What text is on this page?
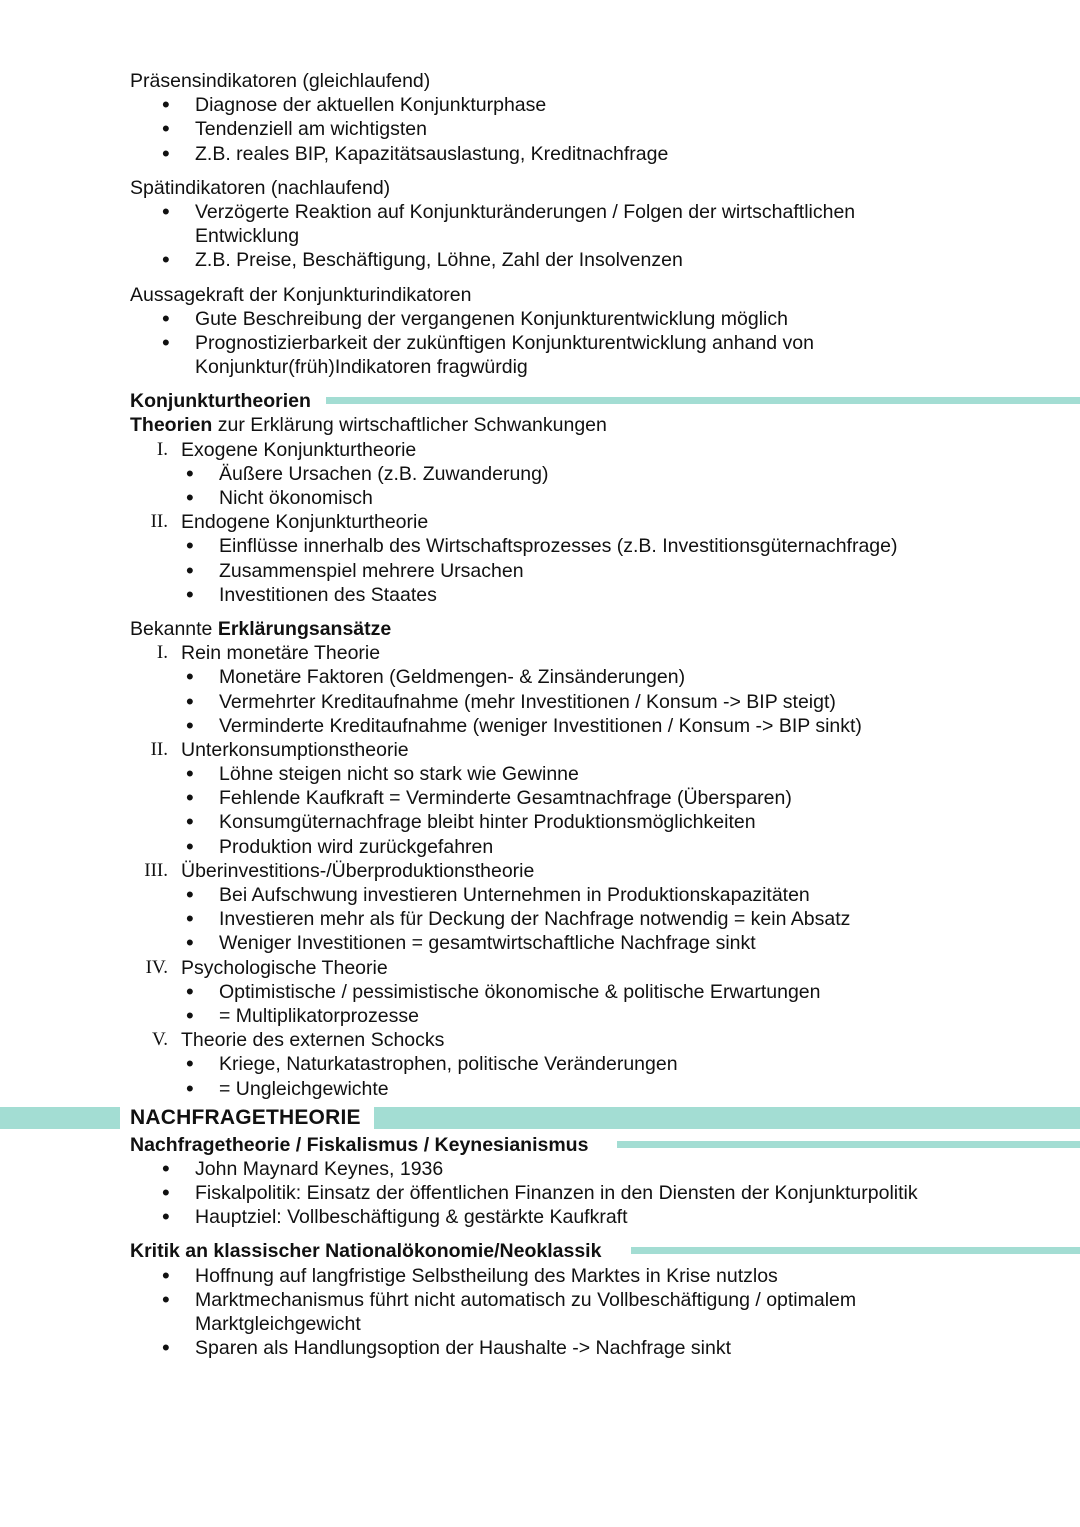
Präsensindikatoren (gleichlaufend)
• Diagnose der aktuellen Konjunkturphase
• Tendenziell am wichtigsten
• Z.B. reales BIP, Kapazitätsauslastung, Kreditnachfrage
Spätindikatoren (nachlaufend)
• Verzögerte Reaktion auf Konjunkturänderungen / Folgen der wirtschaftlichen
Entwicklung
• Z.B. Preise, Beschäftigung, Löhne, Zahl der Insolvenzen
Aussagekraft der Konjunkturindikatoren
• Gute Beschreibung der vergangenen Konjunkturentwicklung möglich
• Prognostizierbarkeit der zukünftigen Konjunkturentwicklung anhand von
Konjunktur(früh)Indikatoren fragwürdig
Konjunkturtheorien
Theorien zur Erklärung wirtschaftlicher Schwankungen
I. Exogene Konjunkturtheorie
• Äußere Ursachen (z.B. Zuwanderung)
• Nicht ökonomisch
II. Endogene Konjunkturtheorie
• Einflüsse innerhalb des Wirtschaftsprozesses (z.B. Investitionsgüternachfrage)
• Zusammenspiel mehrere Ursachen
• Investitionen des Staates
Bekannte Erklärungsansätze
I. Rein monetäre Theorie
• Monetäre Faktoren (Geldmengen- & Zinsänderungen)
• Vermehrter Kreditaufnahme (mehr Investitionen / Konsum -> BIP steigt)
• Verminderte Kreditaufnahme (weniger Investitionen / Konsum -> BIP sinkt)
II. Unterkonsumptionstheorie
• Löhne steigen nicht so stark wie Gewinne
• Fehlende Kaufkraft = Verminderte Gesamtnachfrage (Übersparen)
• Konsumgüternachfrage bleibt hinter Produktionsmöglichkeiten
• Produktion wird zurückgefahren
III. Überinvestitions-/Überproduktionstheorie
• Bei Aufschwung investieren Unternehmen in Produktionskapazitäten
• Investieren mehr als für Deckung der Nachfrage notwendig = kein Absatz
• Weniger Investitionen = gesamtwirtschaftliche Nachfrage sinkt
IV. Psychologische Theorie
• Optimistische / pessimistische ökonomische & politische Erwartungen
• = Multiplikatorprozesse
V. Theorie des externen Schocks
• Kriege, Naturkatastrophen, politische Veränderungen
• = Ungleichgewichte
NACHFRAGETHEORIE
Nachfragetheorie / Fiskalismus / Keynesianismus
• John Maynard Keynes, 1936
• Fiskalpolitik: Einsatz der öffentlichen Finanzen in den Diensten der Konjunkturpolitik
• Hauptziel: Vollbeschäftigung & gestärkte Kaufkraft
Kritik an klassischer Nationalökonomie/Neoklassik
• Hoffnung auf langfristige Selbstheilung des Marktes in Krise nutzlos
• Marktmechanismus führt nicht automatisch zu Vollbeschäftigung / optimalem
Marktgleichgewicht
• Sparen als Handlungsoption der Haushalte -> Nachfrage sinkt
